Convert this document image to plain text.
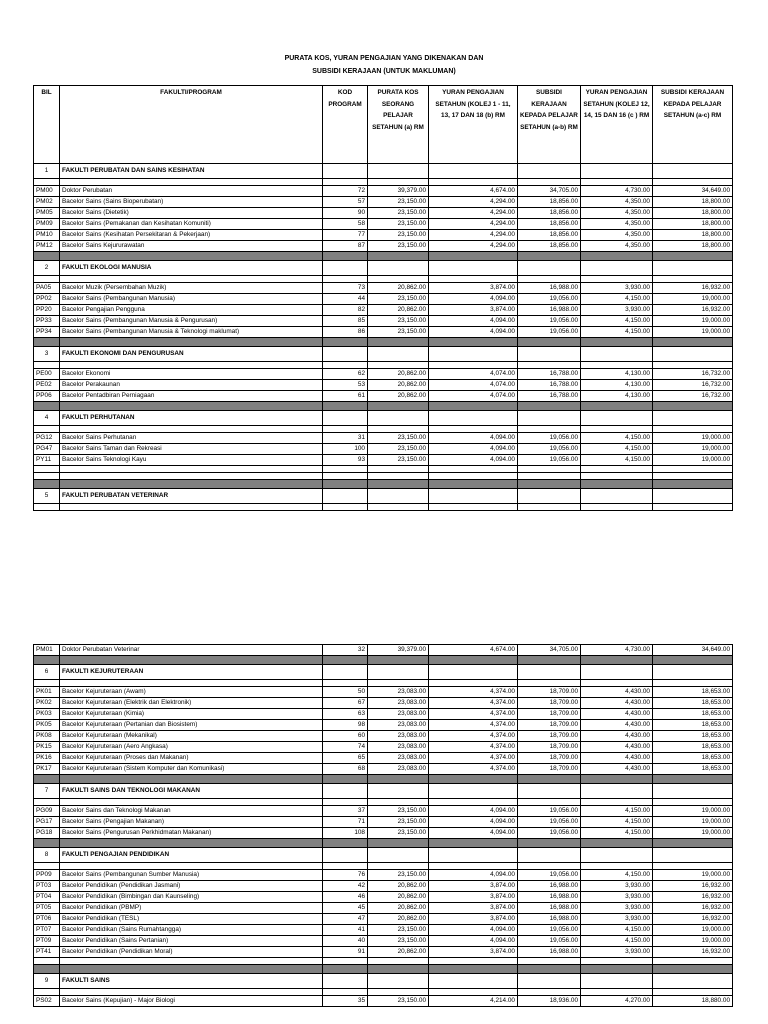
PURATA KOS, YURAN PENGAJIAN YANG DIKENAKAN DAN
SUBSIDI KERAJAAN (UNTUK MAKLUMAN)
BIL	FAKULTI/PROGRAM	KOD PROGRAM	PURATA KOS SEORANG PELAJAR SETAHUN (a) RM	YURAN PENGAJIAN SETAHUN (KOLEJ 1 - 11, 13, 17 DAN 18 (b) RM	SUBSIDI KERAJAAN KEPADA PELAJAR SETAHUN (a-b) RM	YURAN PENGAJIAN SETAHUN (KOLEJ 12, 14, 15 DAN 16 (c ) RM	SUBSIDI KERAJAAN KEPADA PELAJAR SETAHUN (a-c) RM
1	FAKULTI PERUBATAN DAN SAINS KESIHATAN						

PM00	Doktor Perubatan	72	39,379.00	4,674.00	34,705.00	4,730.00	34,649.00
PM02	Bacelor Sains (Sains Bioperubatan)	57	23,150.00	4,294.00	18,856.00	4,350.00	18,800.00
PM05	Bacelor Sains (Dietetik)	90	23,150.00	4,294.00	18,856.00	4,350.00	18,800.00
PM09	Bacelor Sains (Pemakanan dan Kesihatan Komuniti)	58	23,150.00	4,294.00	18,856.00	4,350.00	18,800.00
PM10	Bacelor Sains (Kesihatan Persekitaran & Pekerjaan)	77	23,150.00	4,294.00	18,856.00	4,350.00	18,800.00
PM12	Bacelor Sains Kejururawatan	87	23,150.00	4,294.00	18,856.00	4,350.00	18,800.00

2	FAKULTI EKOLOGI MANUSIA						

PA05	Bacelor Muzik (Persembahan Muzik)	73	20,862.00	3,874.00	16,988.00	3,930.00	16,932.00
PP02	Bacelor Sains (Pembangunan Manusia)	44	23,150.00	4,094.00	19,056.00	4,150.00	19,000.00
PP20	Bacelor Pengajian Pengguna	82	20,862.00	3,874.00	16,988.00	3,930.00	16,932.00
PP33	Bacelor Sains (Pembangunan Manusia & Pengurusan)	85	23,150.00	4,094.00	19,056.00	4,150.00	19,000.00
PP34	Bacelor Sains (Pembangunan Manusia & Teknologi maklumat)	86	23,150.00	4,094.00	19,056.00	4,150.00	19,000.00

3	FAKULTI EKONOMI DAN PENGURUSAN						

PE00	Bacelor Ekonomi	62	20,862.00	4,074.00	16,788.00	4,130.00	16,732.00
PE02	Bacelor Perakaunan	53	20,862.00	4,074.00	16,788.00	4,130.00	16,732.00
PP06	Bacelor Pentadbiran Perniagaan	61	20,862.00	4,074.00	16,788.00	4,130.00	16,732.00

4	FAKULTI PERHUTANAN						

PG12	Bacelor Sains Perhutanan	31	23,150.00	4,094.00	19,056.00	4,150.00	19,000.00
PG47	Bacelor Sains Taman dan Rekreasi	100	23,150.00	4,094.00	19,056.00	4,150.00	19,000.00
PY11	Bacelor Sains Teknologi Kayu	93	23,150.00	4,094.00	19,056.00	4,150.00	19,000.00

5	FAKULTI PERUBATAN VETERINAR						

PM01	Doktor Perubatan Veterinar	32	39,379.00	4,674.00	34,705.00	4,730.00	34,649.00

6	FAKULTI KEJURUTERAAN						

PK01	Bacelor Kejuruteraan (Awam)	50	23,083.00	4,374.00	18,709.00	4,430.00	18,653.00
PK02	Bacelor Kejuruteraan (Elektrik dan Elektronik)	67	23,083.00	4,374.00	18,709.00	4,430.00	18,653.00
PK03	Bacelor Kejuruteraan (Kimia)	63	23,083.00	4,374.00	18,709.00	4,430.00	18,653.00
PK05	Bacelor Kejuruteraan (Pertanian dan Biosistem)	98	23,083.00	4,374.00	18,709.00	4,430.00	18,653.00
PK08	Bacelor Kejuruteraan (Mekanikal)	60	23,083.00	4,374.00	18,709.00	4,430.00	18,653.00
PK15	Bacelor Kejuruteraan (Aero Angkasa)	74	23,083.00	4,374.00	18,709.00	4,430.00	18,653.00
PK16	Bacelor Kejuruteraan (Proses dan Makanan)	65	23,083.00	4,374.00	18,709.00	4,430.00	18,653.00
PK17	Bacelor Kejuruteraan (Sistem Komputer dan Komunikasi)	68	23,083.00	4,374.00	18,709.00	4,430.00	18,653.00

7	FAKULTI SAINS DAN TEKNOLOGI MAKANAN						

PG09	Bacelor Sains dan Teknologi Makanan	37	23,150.00	4,094.00	19,056.00	4,150.00	19,000.00
PG17	Bacelor Sains (Pengajian Makanan)	71	23,150.00	4,094.00	19,056.00	4,150.00	19,000.00
PG18	Bacelor Sains (Pengurusan Perkhidmatan Makanan)	108	23,150.00	4,094.00	19,056.00	4,150.00	19,000.00

8	FAKULTI PENGAJIAN PENDIDIKAN						

PP09	Bacelor Sains (Pembangunan Sumber Manusia)	76	23,150.00	4,094.00	19,056.00	4,150.00	19,000.00
PT03	Bacelor Pendidikan (Pendidikan Jasmani)	42	20,862.00	3,874.00	16,988.00	3,930.00	16,932.00
PT04	Bacelor Pendidikan (Bimbingan dan Kaunseling)	46	20,862.00	3,874.00	16,988.00	3,930.00	16,932.00
PT05	Bacelor Pendidikan (PBMP)	45	20,862.00	3,874.00	16,988.00	3,930.00	16,932.00
PT06	Bacelor Pendidikan (TESL)	47	20,862.00	3,874.00	16,988.00	3,930.00	16,932.00
PT07	Bacelor Pendidikan (Sains Rumahtangga)	41	23,150.00	4,094.00	19,056.00	4,150.00	19,000.00
PT09	Bacelor Pendidikan (Sains Pertanian)	40	23,150.00	4,094.00	19,056.00	4,150.00	19,000.00
PT41	Bacelor Pendidikan (Pendidikan Moral)	91	20,862.00	3,874.00	16,988.00	3,930.00	16,932.00

9	FAKULTI SAINS						

PS02	Bacelor Sains (Kepujian) - Major Biologi	35	23,150.00	4,214.00	18,936.00	4,270.00	18,880.00
